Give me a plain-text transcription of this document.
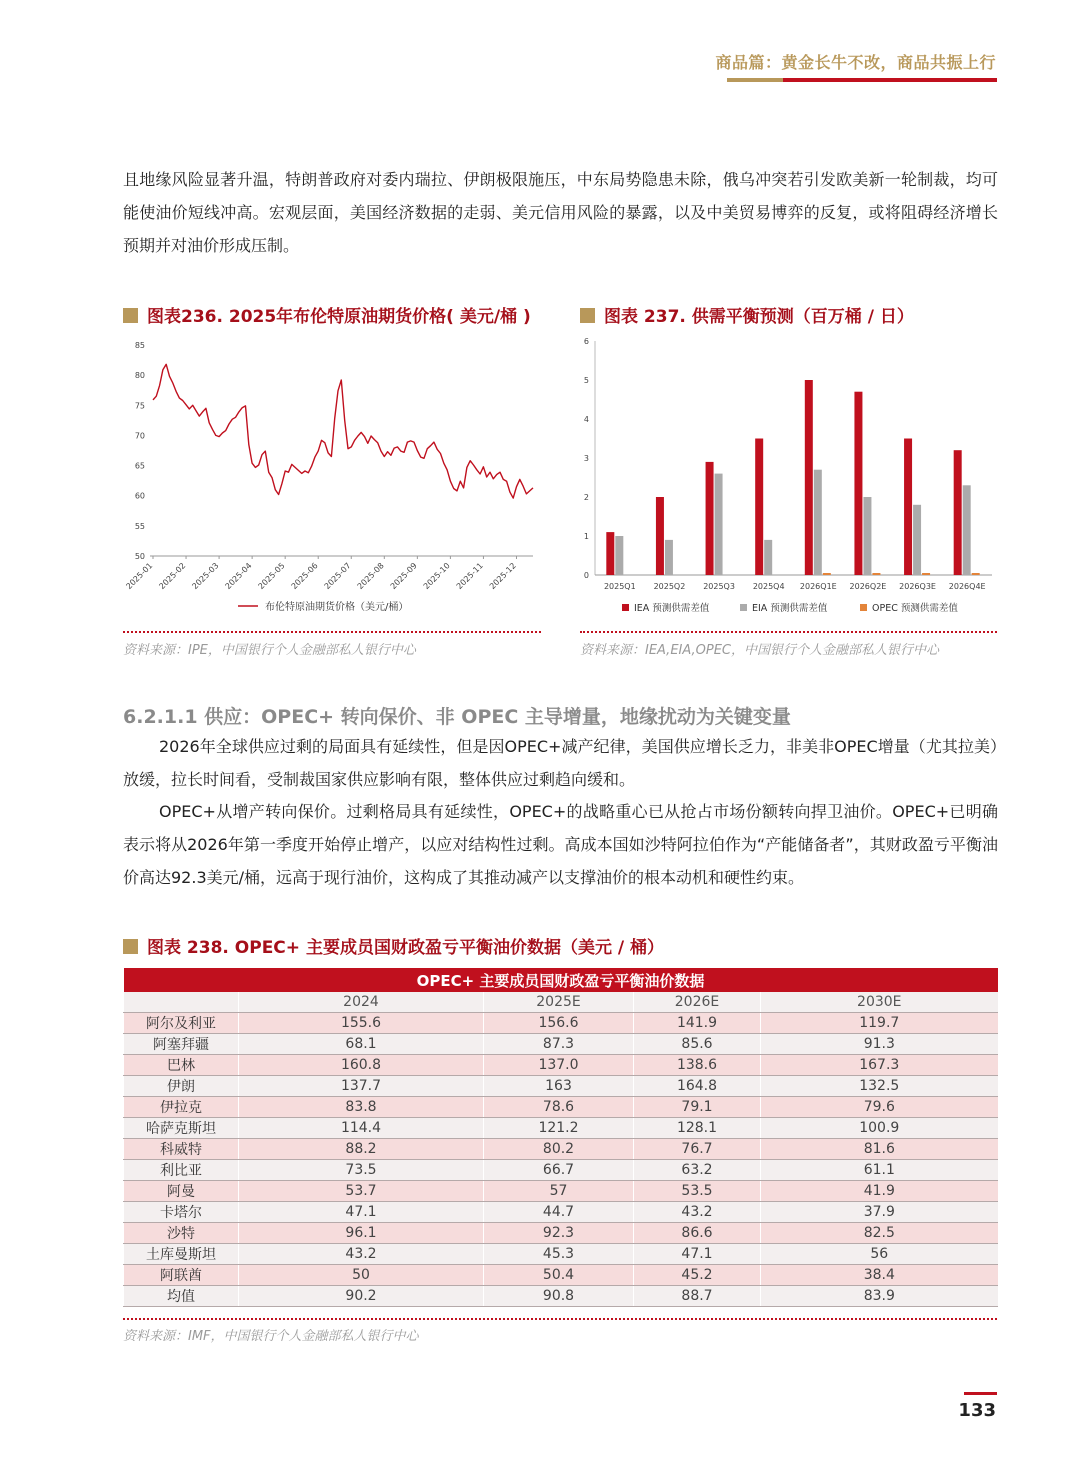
商品篇：黄金长牛不改，商品共振上行
且地缘风险显著升温，特朗普政府对委内瑞拉、伊朗极限施压，中东局势隐患未除，俄乌冲突若引发欧美新一轮制裁，均可能使油价短线冲高。宏观层面，美国经济数据的走弱、美元信用风险的暴露，以及中美贸易博弈的反复，或将阻碍经济增长预期并对油价形成压制。
图表236. 2025年布伦特原油期货价格( 美元/桶 )
85
80
75
70
65
60
55
50
2025-01 2025-02 2025-03 2025-04 2025-05 2025-06 2025-07 2025-08 2025-09 2025-10 2025-11 2025-12
布伦特原油期货价格（美元/桶）
资料来源：IPE，中国银行个人金融部私人银行中心
图表 237. 供需平衡预测（百万桶 / 日）
0
1
2
3
4
5
6
2025Q1 2025Q2 2025Q3 2025Q4 2026Q1E 2026Q2E 2026Q3E 2026Q4E
IEA 预测供需差值	EIA 预测供需差值	OPEC 预测供需差值
资料来源：IEA,EIA,OPEC，中国银行个人金融部私人银行中心
6.2.1.1 供应：OPEC+ 转向保价、非 OPEC 主导增量，地缘扰动为关键变量
2026年全球供应过剩的局面具有延续性，但是因OPEC+减产纪律，美国供应增长乏力，非美非OPEC增量（尤其拉美）放缓，拉长时间看，受制裁国家供应影响有限，整体供应过剩趋向缓和。
OPEC+从增产转向保价。过剩格局具有延续性，OPEC+的战略重心已从抢占市场份额转向捍卫油价。OPEC+已明确表示将从2026年第一季度开始停止增产，以应对结构性过剩。高成本国如沙特阿拉伯作为“产能储备者”，其财政盈亏平衡油价高达92.3美元/桶，远高于现行油价，这构成了其推动减产以支撑油价的根本动机和硬性约束。
图表 238. OPEC+ 主要成员国财政盈亏平衡油价数据（美元 / 桶）
OPEC+ 主要成员国财政盈亏平衡油价数据				
	2024	2025E	2026E	2030E
阿尔及利亚	155.6	156.6	141.9	119.7
阿塞拜疆	68.1	87.3	85.6	91.3
巴林	160.8	137.0	138.6	167.3
伊朗	137.7	163	164.8	132.5
伊拉克	83.8	78.6	79.1	79.6
哈萨克斯坦	114.4	121.2	128.1	100.9
科威特	88.2	80.2	76.7	81.6
利比亚	73.5	66.7	63.2	61.1
阿曼	53.7	57	53.5	41.9
卡塔尔	47.1	44.7	43.2	37.9
沙特	96.1	92.3	86.6	82.5
土库曼斯坦	43.2	45.3	47.1	56
阿联酋	50	50.4	45.2	38.4
均值	90.2	90.8	88.7	83.9
资料来源：IMF，中国银行个人金融部私人银行中心
133
